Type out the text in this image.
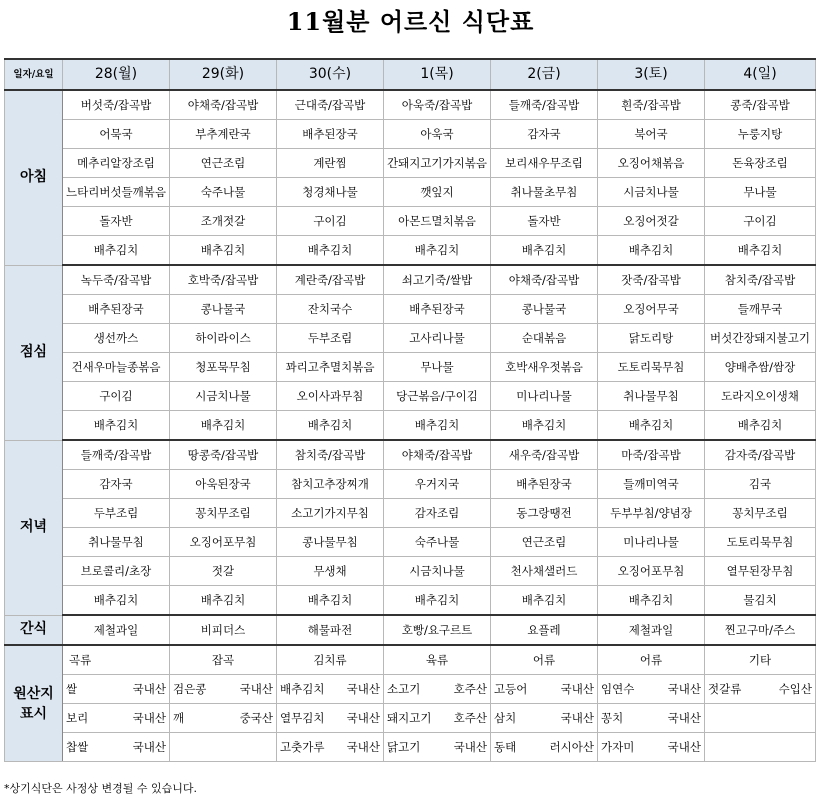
11월분 어르신 식단표
일자/요일	28(월)	29(화)	30(수)	1(목)	2(금)	3(토)	4(일)
아침	버섯죽/잡곡밥	야채죽/잡곡밥	근대죽/잡곡밥	아욱죽/잡곡밥	들깨죽/잡곡밥	흰죽/잡곡밥	콩죽/잡곡밥
	어묵국	부추계란국	배추된장국	아욱국	감자국	북어국	누룽지탕
	메추리알장조림	연근조림	계란찜	간돼지고기가지볶음	보리새우무조림	오징어채볶음	돈육장조림
	느타리버섯들깨볶음	숙주나물	청경채나물	깻잎지	취나물초무침	시금치나물	무나물
	돌자반	조개젓갈	구이김	아몬드멸치볶음	돌자반	오징어젓갈	구이김
	배추김치	배추김치	배추김치	배추김치	배추김치	배추김치	배추김치
점심	녹두죽/잡곡밥	호박죽/잡곡밥	계란죽/잡곡밥	쇠고기죽/쌀밥	야채죽/잡곡밥	잣죽/잡곡밥	참치죽/잡곡밥
	배추된장국	콩나물국	잔치국수	배추된장국	콩나물국	오징어무국	들깨무국
	생선까스	하이라이스	두부조림	고사리나물	순대볶음	닭도리탕	버섯간장돼지불고기
	건새우마늘종볶음	청포묵무침	꽈리고추멸치볶음	무나물	호박새우젓볶음	도토리묵무침	양배추쌈/쌈장
	구이김	시금치나물	오이사과무침	당근볶음/구이김	미나리나물	취나물무침	도라지오이생채
	배추김치	배추김치	배추김치	배추김치	배추김치	배추김치	배추김치
저녁	들깨죽/잡곡밥	땅콩죽/잡곡밥	참치죽/잡곡밥	야채죽/잡곡밥	새우죽/잡곡밥	마죽/잡곡밥	감자죽/잡곡밥
	감자국	아욱된장국	참치고추장찌개	우거지국	배추된장국	들깨미역국	김국
	두부조림	꽁치무조림	소고기가지무침	감자조림	동그랑땡전	두부부침/양념장	꽁치무조림
	취나물무침	오징어포무침	콩나물무침	숙주나물	연근조림	미나리나물	도토리묵무침
	브로콜리/초장	젓갈	무생채	시금치나물	천사채샐러드	오징어포무침	열무된장무침
	배추김치	배추김치	배추김치	배추김치	배추김치	배추김치	물김치
간식	제철과일	비피더스	해물파전	호빵/요구르트	요플레	제철과일	찐고구마/주스
원산지 표시	곡류	잡곡	김치류	육류	어류	어류	기타

	쌀 국내산	검은콩 국내산	배추김치 국내산	소고기 호주산	고등어 국내산	임연수 국내산	젓갈류 수입산

	보리 국내산	깨 중국산	열무김치 국내산	돼지고기 호주산	삼치 국내산	꽁치 국내산	

	찹쌀 국내산		고춧가루 국내산	닭고기 국내산	동태 러시아산	가자미 국내산	

*상기식단은 사정상 변경될 수 있습니다.
